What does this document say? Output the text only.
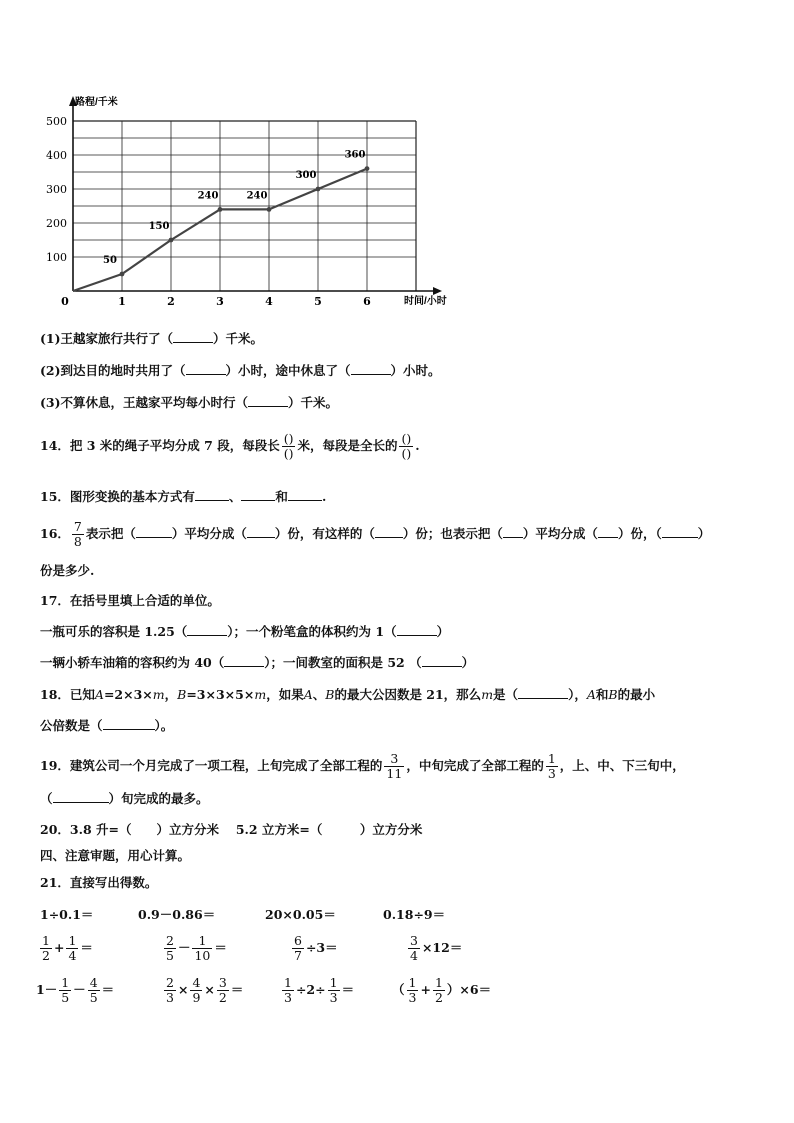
路程/千米
时间/小时
100
200
300
400
500
0	1	2	3	4	5	6
50
150
240	240
300
360
(1)王越家旅行共行了（	）千米。
(2)到达目的地时共用了（	）小时，途中休息了（	）小时。
(3)不算休息，王越家平均每小时行（	）千米。
14．把 3 米的绳子平均分成 7 段，每段长 $\frac{()}{()}$ 米，每段是全长的 $\frac{()}{()}$ .
15．图形变换的基本方式有	、	和	.
16． $\frac{7}{8}$ 表示把（	）平均分成（ ）份，有这样的（ ）份；也表示把（ ）平均分成（ ）份，（	）
份是多少.
17．在括号里填上合适的单位。
一瓶可乐的容积是 1.25（	）；一个粉笔盒的体积约为 1（	）
一辆小轿车油箱的容积约为 40（	）；一间教室的面积是 52 （	）
18．已知A=2×3×m，B=3×3×5×m，如果A、B的最大公因数是 21，那么m是（	），A和B的最小
公倍数是（	）。
19．建筑公司一个月完成了一项工程，上旬完成了全部工程的 $\frac{3}{11}$ ，中旬完成了全部工程的 $\frac{1}{3}$ ，上、中、下三旬中，
（	）旬完成的最多。
20．3.8 升=（　　）立方分米　 5.2 立方米=（　　　）立方分米
四、注意审题，用心计算。
21．直接写出得数。
1÷0.1＝	0.9－0.86＝	20×0.05＝	0.18÷9＝
$\frac{1}{2} + \frac{1}{4}$ ＝	$\frac{2}{5} - \frac{1}{10}$ ＝	$\frac{6}{7} \div 3=$	$\frac{3}{4} \times 12=$
$1- \frac{1}{5} - \frac{4}{5}$ ＝	$\frac{2}{3} \times \frac{4}{9} \times \frac{3}{2}$ ＝	$\frac{1}{3} \div 2\div \frac{1}{3}$ ＝	（ $\frac{1}{3} + \frac{1}{2} )\times 6=$
